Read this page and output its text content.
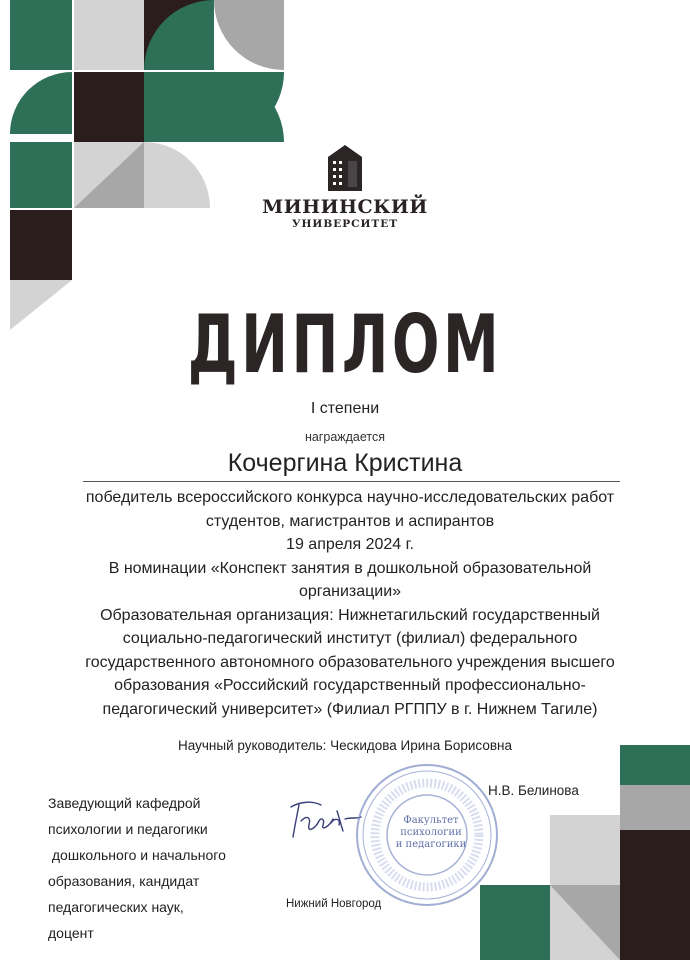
МИНИНСКИЙ
УНИВЕРСИТЕТ
ДИПЛОМ
I степени
награждается
Кочергина Кристина
победитель всероссийского конкурса научно-исследовательских работ
студентов, магистрантов и аспирантов
19 апреля 2024 г.
В номинации «Конспект занятия в дошкольной образовательной
организации»
Образовательная организация: Нижнетагильский государственный
социально-педагогический институт (филиал) федерального
государственного автономного образовательного учреждения высшего
образования «Российский государственный профессионально-
педагогический университет» (Филиал РГППУ в г. Нижнем Тагиле)
Научный руководитель: Ческидова Ирина Борисовна
Заведующий кафедрой
психологии и педагогики
дошкольного и начального
образования, кандидат
педагогических наук,
доцент
Факультет
психологии
и педагогики
Н.В. Белинова
Нижний Новгород
